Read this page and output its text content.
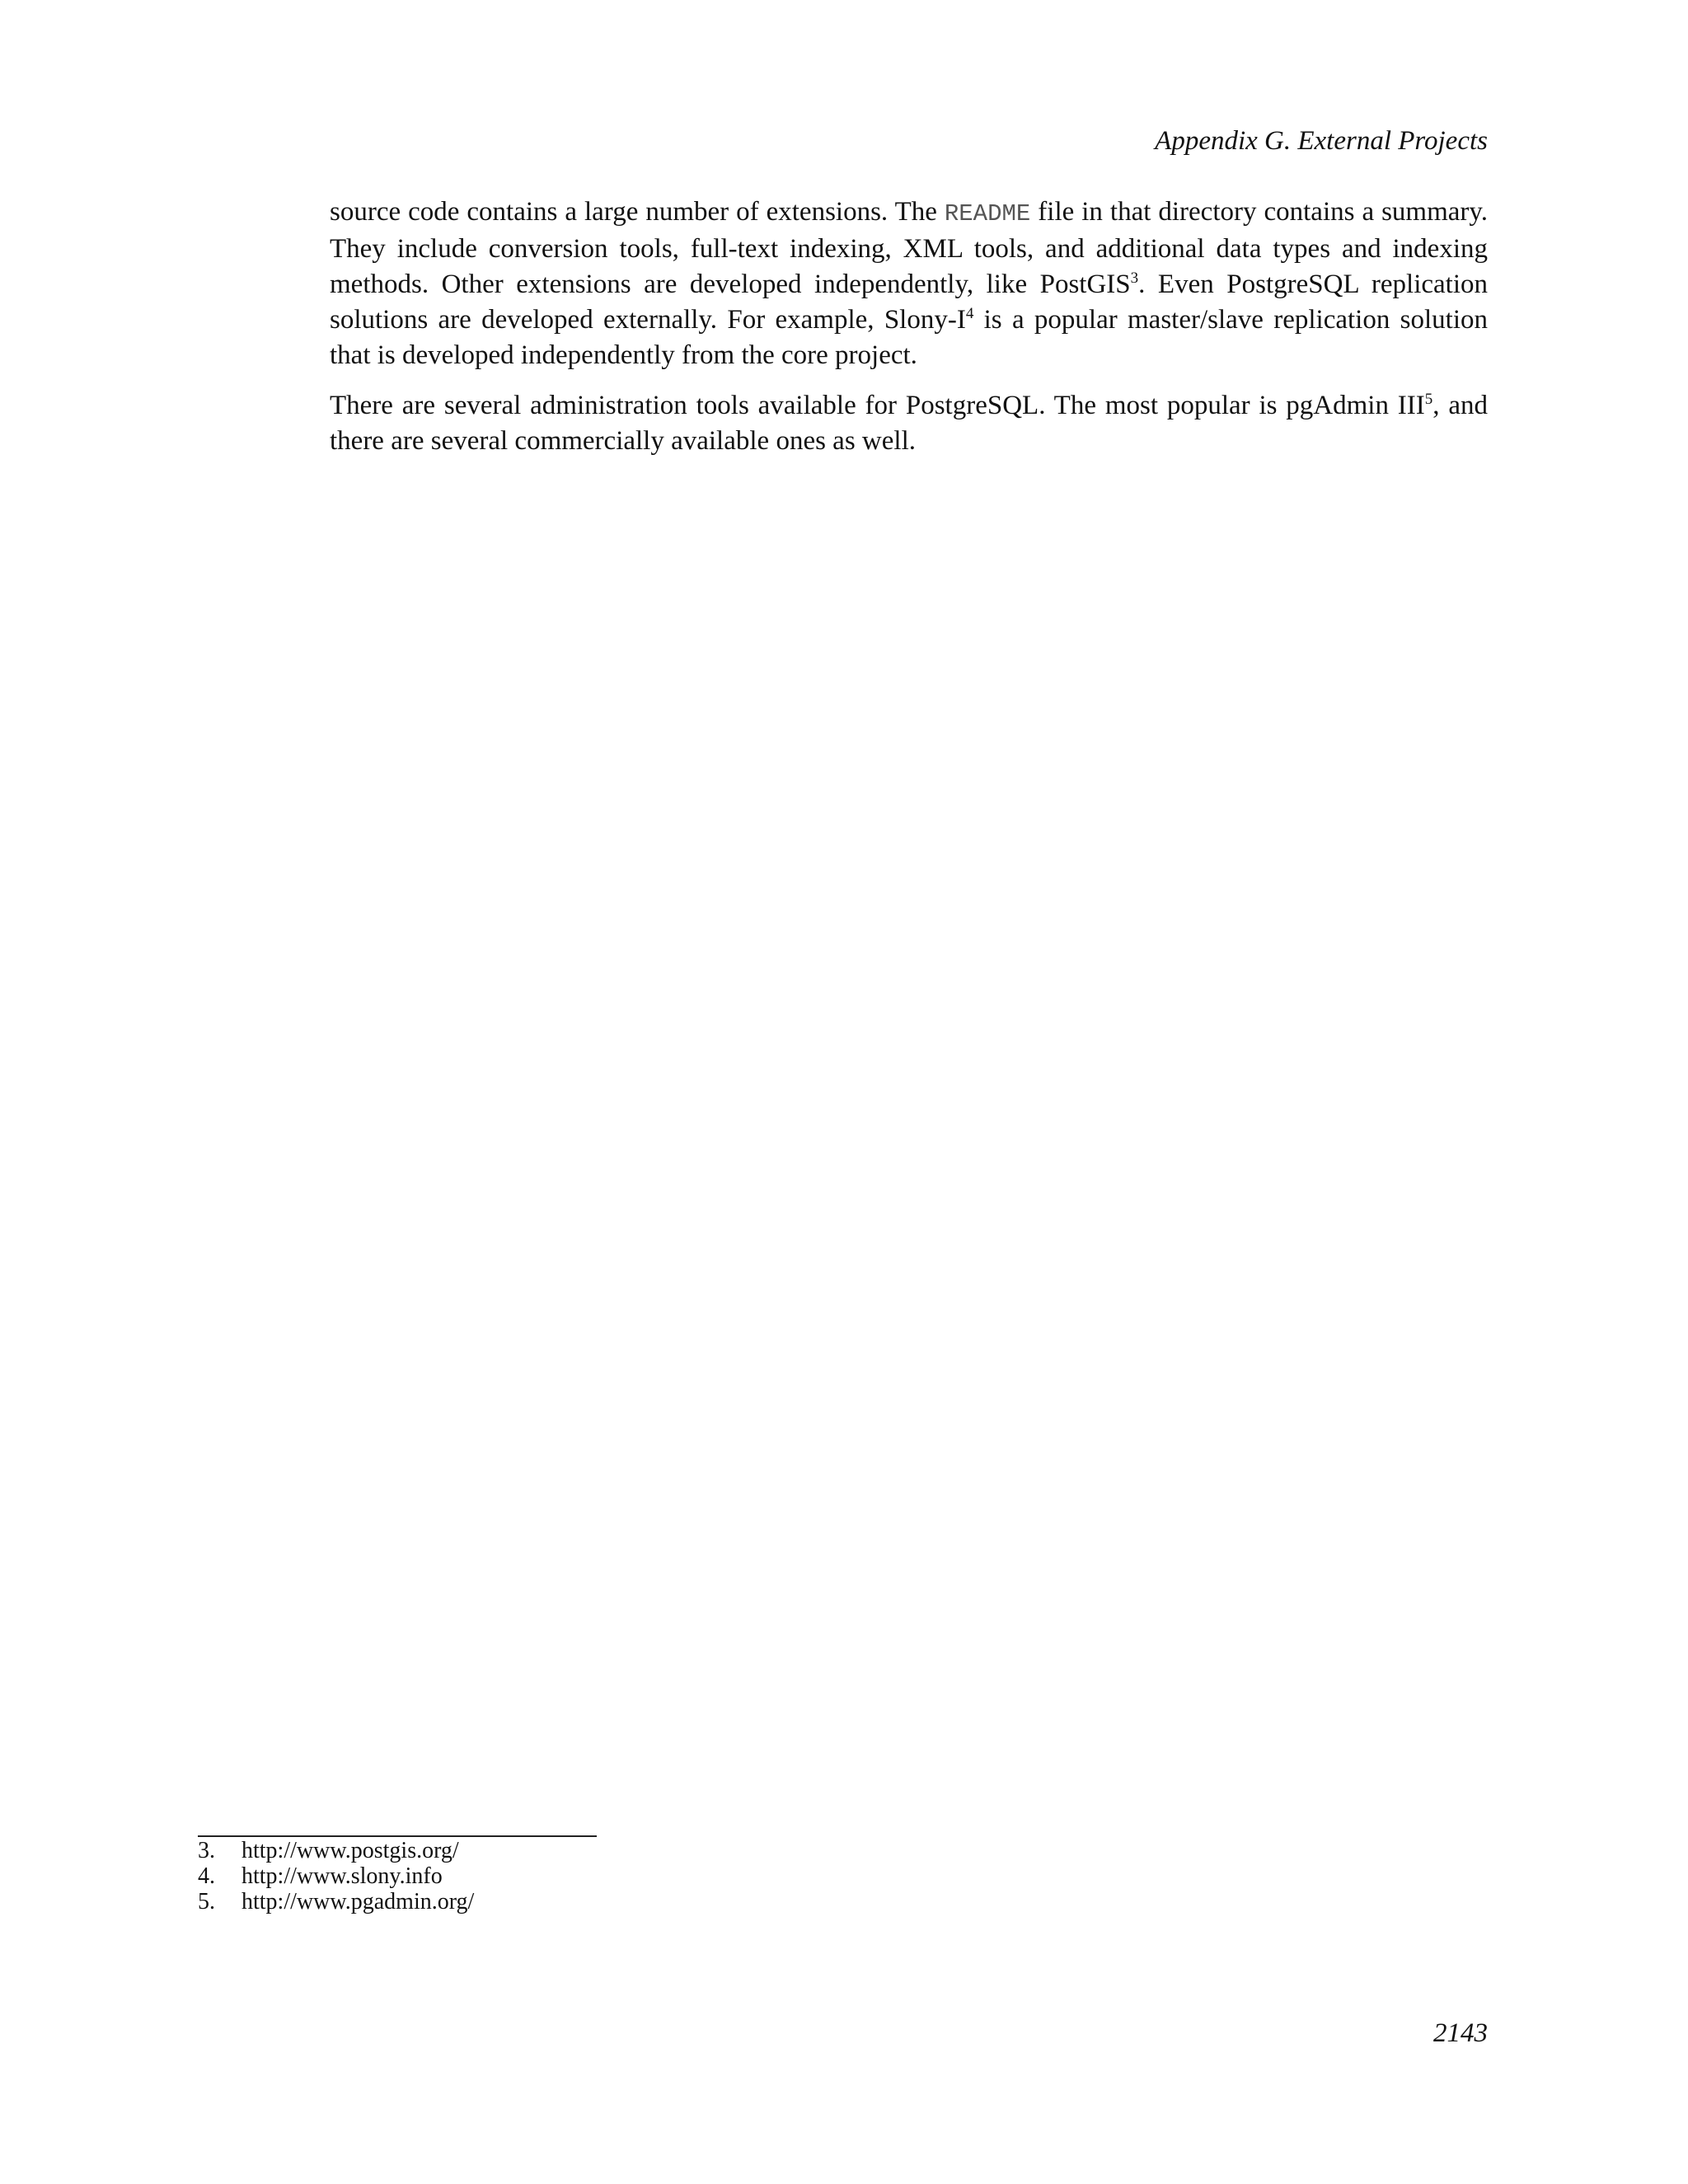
Appendix G. External Projects

source code contains a large number of extensions. The README file in that directory contains a summary. They include conversion tools, full-text indexing, XML tools, and additional data types and indexing methods. Other extensions are developed independently, like PostGIS$^3$. Even PostgreSQL replication solutions are developed externally. For example, Slony-$I^4$ is a popular master/slave replication solution that is developed independently from the core project.

There are several administration tools available for PostgreSQL. The most popular is pgAdmin III$^5$, and there are several commercially available ones as well.

3.	http://www.postgis.org/
4.	http://www.slony.info
5.	http://www.pgadmin.org/
2143
